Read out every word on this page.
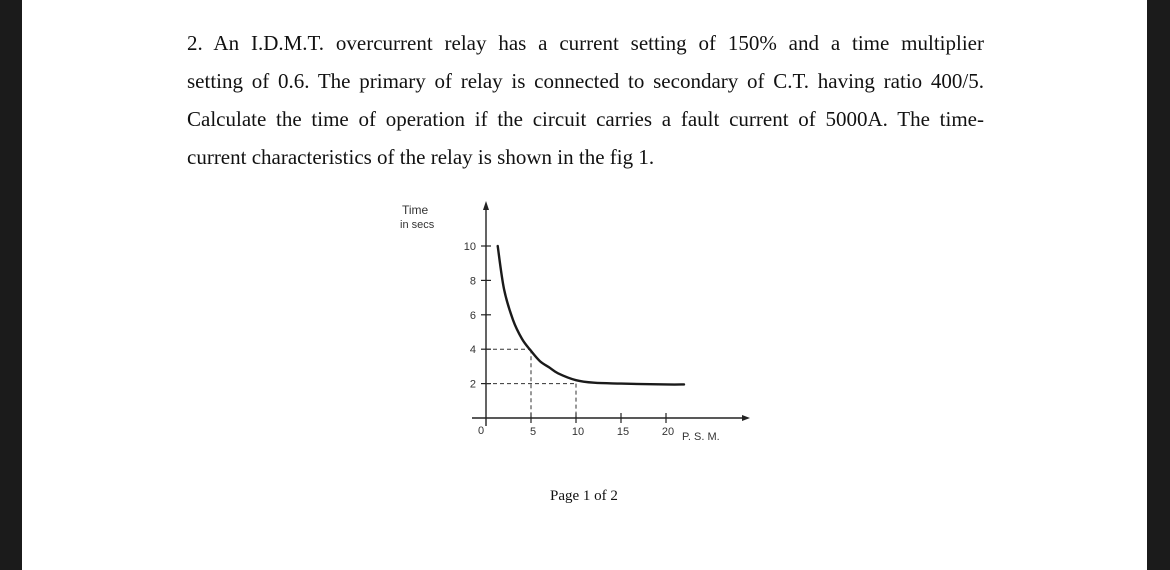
2. An I.D.M.T. overcurrent relay has a current setting of 150% and a time multiplier
setting of 0.6. The primary of relay is connected to secondary of C.T. having ratio 400/5.
Calculate the time of operation if the circuit carries a fault current of 5000A. The time-
current characteristics of the relay is shown in the fig 1.

Time
in secs
P. S. M.
0
2
4
6
8
10
5	10	15	20

Page 1 of 2
